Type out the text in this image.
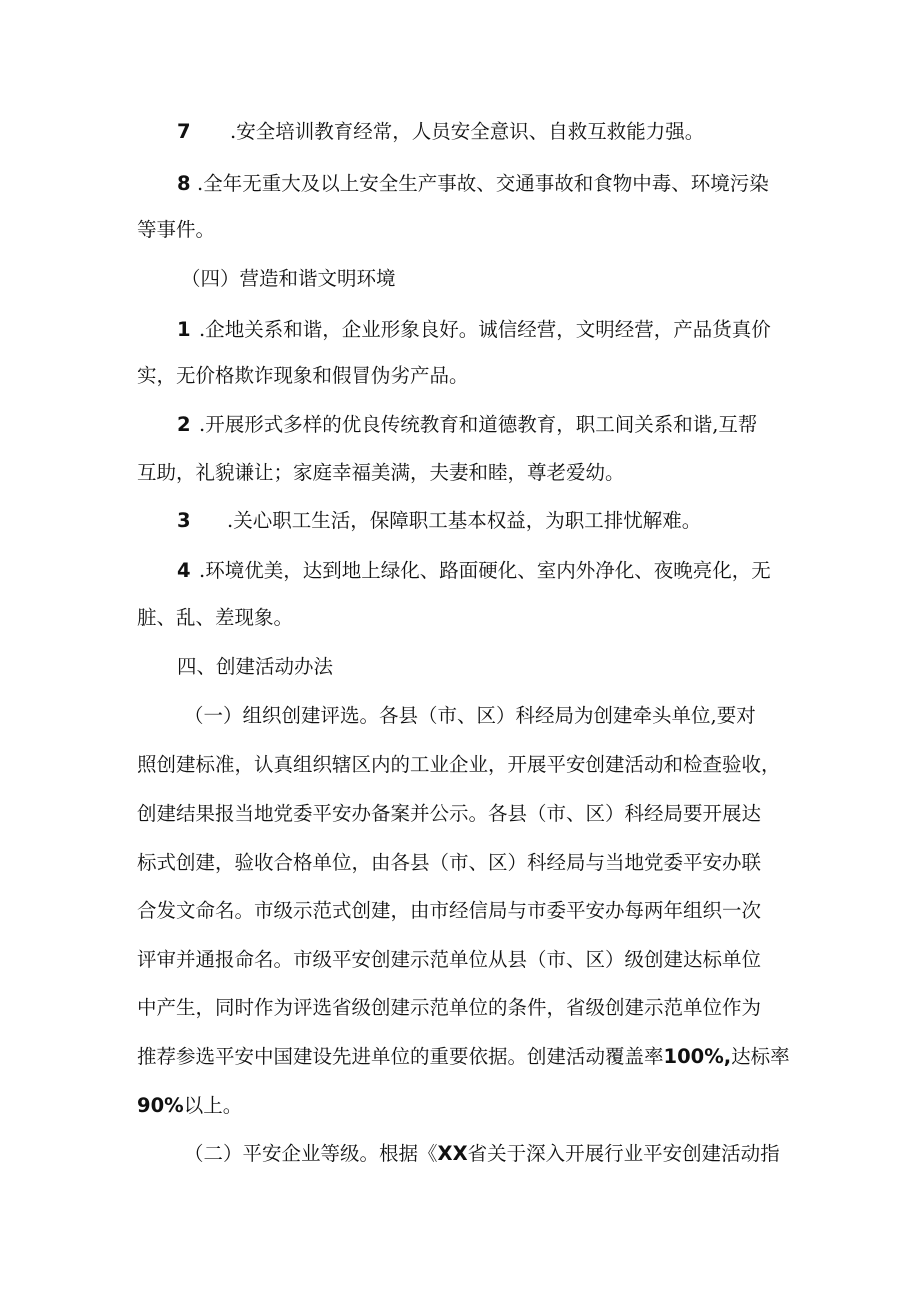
7 .安全培训教育经常，人员安全意识、自救互救能力强。
8 .全年无重大及以上安全生产事故、交通事故和食物中毒、环境污染
等事件。
（四）营造和谐文明环境
1 .企地关系和谐，企业形象良好。诚信经营，文明经营，产品货真价
实，无价格欺诈现象和假冒伪劣产品。
2 .开展形式多样的优良传统教育和道德教育，职工间关系和谐,互帮
互助，礼貌谦让；家庭幸福美满，夫妻和睦，尊老爱幼。
3 .关心职工生活，保障职工基本权益，为职工排忧解难。
4 .环境优美，达到地上绿化、路面硬化、室内外净化、夜晚亮化，无
脏、乱、差现象。
四、创建活动办法
（一）组织创建评选。各县（市、区）科经局为创建牵头单位,要对
照创建标准，认真组织辖区内的工业企业，开展平安创建活动和检查验收，
创建结果报当地党委平安办备案并公示。各县（市、区）科经局要开展达
标式创建，验收合格单位，由各县（市、区）科经局与当地党委平安办联
合发文命名。市级示范式创建，由市经信局与市委平安办每两年组织一次
评审并通报命名。市级平安创建示范单位从县（市、区）级创建达标单位
中产生，同时作为评选省级创建示范单位的条件，省级创建示范单位作为
推荐参选平安中国建设先进单位的重要依据。创建活动覆盖率100%,达标率
90%以上。
（二）平安企业等级。根据《XX省关于深入开展行业平安创建活动指
